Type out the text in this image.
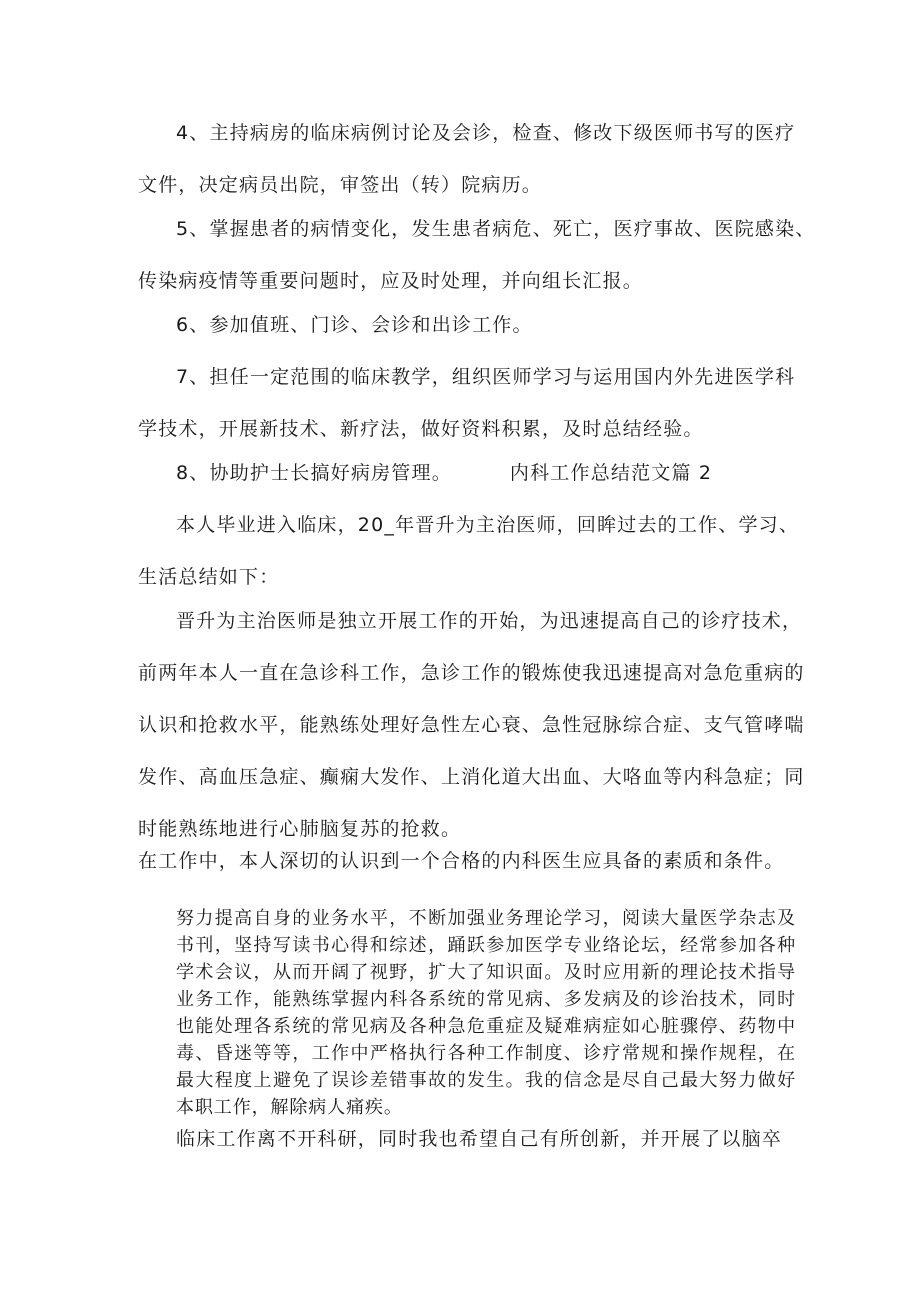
4、主持病房的临床病例讨论及会诊，检查、修改下级医师书写的医疗
文件，决定病员出院，审签出（转）院病历。
5、掌握患者的病情变化，发生患者病危、死亡，医疗事故、医院感染、
传染病疫情等重要问题时，应及时处理，并向组长汇报。
6、参加值班、门诊、会诊和出诊工作。
7、担任一定范围的临床教学，组织医师学习与运用国内外先进医学科
学技术，开展新技术、新疗法，做好资料积累，及时总结经验。
8、协助护士长搞好病房管理。	内科工作总结范文篇 2
本人毕业进入临床，20_年晋升为主治医师，回眸过去的工作、学习、
生活总结如下：
晋升为主治医师是独立开展工作的开始，为迅速提高自己的诊疗技术，
前两年本人一直在急诊科工作，急诊工作的锻炼使我迅速提高对急危重病的
认识和抢救水平，能熟练处理好急性左心衰、急性冠脉综合症、支气管哮喘
发作、高血压急症、癫痫大发作、上消化道大出血、大咯血等内科急症；同
时能熟练地进行心肺脑复苏的抢救。
在工作中，本人深切的认识到一个合格的内科医生应具备的素质和条件。
努力提高自身的业务水平，不断加强业务理论学习，阅读大量医学杂志及书刊，坚持写读书心得和综述，踊跃参加医学专业络论坛，经常参加各种学术会议，从而开阔了视野，扩大了知识面。及时应用新的理论技术指导业务工作，能熟练掌握内科各系统的常见病、多发病及的诊治技术，同时也能处理各系统的常见病及各种急危重症及疑难病症如心脏骤停、药物中毒、昏迷等等，工作中严格执行各种工作制度、诊疗常规和操作规程，在最大程度上避免了误诊差错事故的发生。我的信念是尽自己最大努力做好本职工作，解除病人痛疾。
临床工作离不开科研，同时我也希望自己有所创新，并开展了以脑卒
